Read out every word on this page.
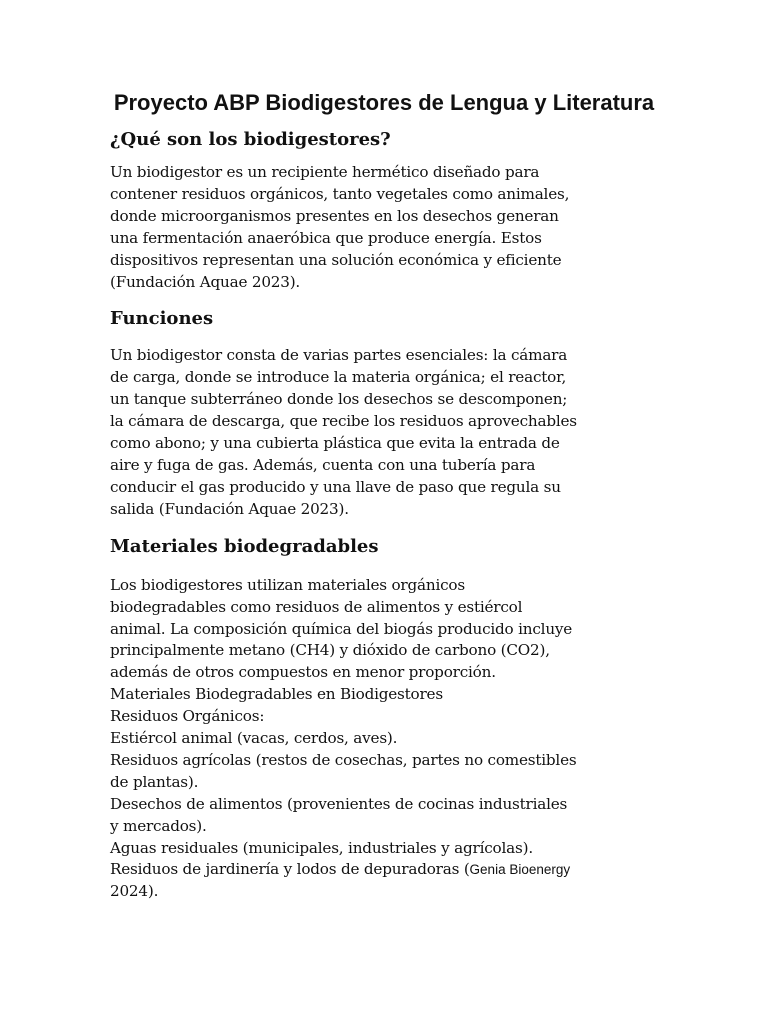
Proyecto ABP Biodigestores de Lengua y Literatura
¿Qué son los biodigestores?

Un biodigestor es un recipiente hermético diseñado para
contener residuos orgánicos, tanto vegetales como animales,
donde microorganismos presentes en los desechos generan
una fermentación anaeróbica que produce energía. Estos
dispositivos representan una solución económica y eficiente
(Fundación Aquae 2023).

Funciones

Un biodigestor consta de varias partes esenciales: la cámara
de carga, donde se introduce la materia orgánica; el reactor,
un tanque subterráneo donde los desechos se descomponen;
la cámara de descarga, que recibe los residuos aprovechables
como abono; y una cubierta plástica que evita la entrada de
aire y fuga de gas. Además, cuenta con una tubería para
conducir el gas producido y una llave de paso que regula su
salida (Fundación Aquae 2023).

Materiales biodegradables

Los biodigestores utilizan materiales orgánicos
biodegradables como residuos de alimentos y estiércol
animal. La composición química del biogás producido incluye
principalmente metano (CH4) y dióxido de carbono (CO2),
además de otros compuestos en menor proporción.
Materiales Biodegradables en Biodigestores
Residuos Orgánicos:
Estiércol animal (vacas, cerdos, aves).
Residuos agrícolas (restos de cosechas, partes no comestibles
de plantas).
Desechos de alimentos (provenientes de cocinas industriales
y mercados).
Aguas residuales (municipales, industriales y agrícolas).
Residuos de jardinería y lodos de depuradoras (Genia Bioenergy
2024).
